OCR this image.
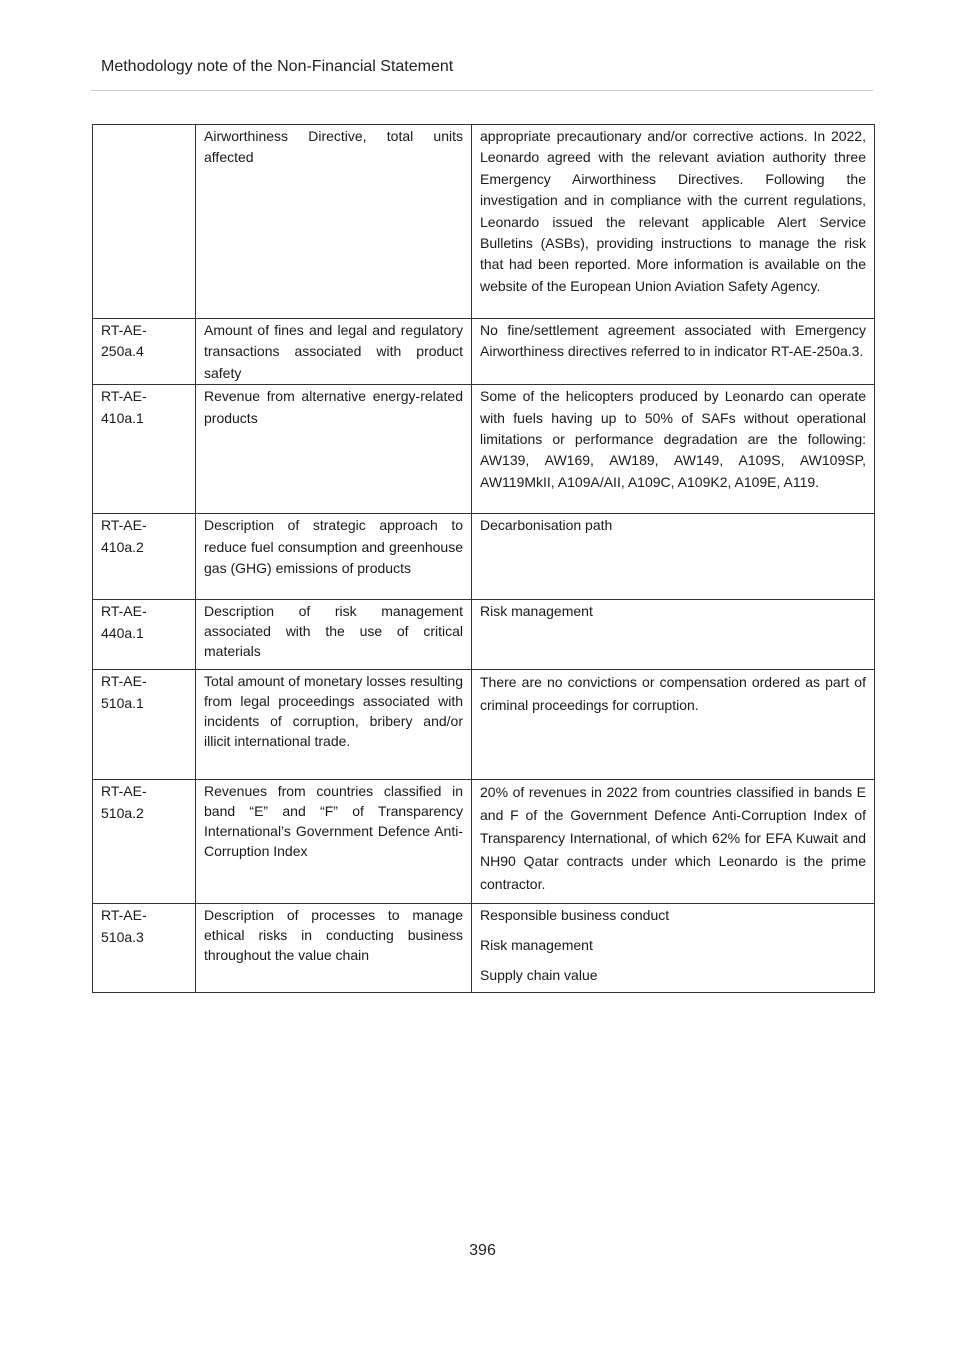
Methodology note of the Non-Financial Statement
	Airworthiness Directive, total units affected	appropriate precautionary and/or corrective actions. In 2022, Leonardo agreed with the relevant aviation authority three Emergency Airworthiness Directives. Following the investigation and in compliance with the current regulations, Leonardo issued the relevant applicable Alert Service Bulletins (ASBs), providing instructions to manage the risk that had been reported. More information is available on the website of the European Union Aviation Safety Agency.
RT-AE-250a.4	Amount of fines and legal and regulatory transactions associated with product safety	No fine/settlement agreement associated with Emergency Airworthiness directives referred to in indicator RT-AE-250a.3.
RT-AE-410a.1	Revenue from alternative energy-related products	Some of the helicopters produced by Leonardo can operate with fuels having up to 50% of SAFs without operational limitations or performance degradation are the following: AW139, AW169, AW189, AW149, A109S, AW109SP, AW119MkII, A109A/AII, A109C, A109K2, A109E, A119.
RT-AE-410a.2	Description of strategic approach to reduce fuel consumption and greenhouse gas (GHG) emissions of products	Decarbonisation path
RT-AE-440a.1	Description of risk management associated with the use of critical materials	Risk management
RT-AE-510a.1	Total amount of monetary losses resulting from legal proceedings associated with incidents of corruption, bribery and/or illicit international trade.	There are no convictions or compensation ordered as part of criminal proceedings for corruption.
RT-AE-510a.2	Revenues from countries classified in band “E” and “F” of Transparency International’s Government Defence Anti-Corruption Index	20% of revenues in 2022 from countries classified in bands E and F of the Government Defence Anti-Corruption Index of Transparency International, of which 62% for EFA Kuwait and NH90 Qatar contracts under which Leonardo is the prime contractor.
RT-AE-510a.3	Description of processes to manage ethical risks in conducting business throughout the value chain	Responsible business conduct
Risk management
Supply chain value
396
